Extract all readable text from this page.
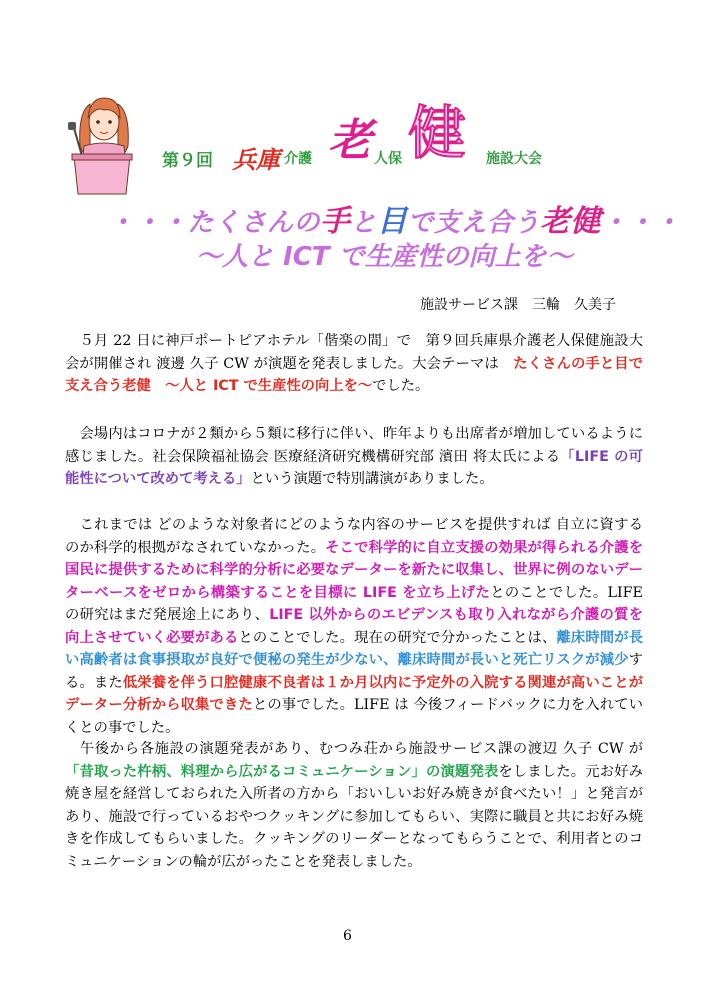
第９回 兵庫 介護 老 人保 健 施設大会
・・・たくさんの手と目で支え合う老健・・・
～人と ICT で生産性の向上を～
施設サービス課　三輪　久美子
５月 22 日に神戸ポートピアホテル「偕楽の間」で　第９回兵庫県介護老人保健施設大会が開催され 渡邊 久子 CW が演題を発表しました。大会テーマは　たくさんの手と目で支え合う老健　～人と ICT で生産性の向上を～でした。
会場内はコロナが２類から５類に移行に伴い、昨年よりも出席者が増加しているように感じました。社会保険福祉協会 医療経済研究機構研究部 濱田 将太氏による「LIFE の可能性について改めて考える」という演題で特別講演がありました。
これまでは どのような対象者にどのような内容のサービスを提供すれば 自立に資するのか科学的根拠がなされていなかった。そこで科学的に自立支援の効果が得られる介護を国民に提供するために科学的分析に必要なデーターを新たに収集し、世界に例のないデーターベースをゼロから構築することを目標に LIFE を立ち上げたとのことでした。LIFE の研究はまだ発展途上にあり、LIFE 以外からのエビデンスも取り入れながら介護の質を向上させていく必要があるとのことでした。現在の研究で分かったことは、離床時間が長い高齢者は食事摂取が良好で便秘の発生が少ない、離床時間が長いと死亡リスクが減少する。また低栄養を伴う口腔健康不良者は１か月以内に予定外の入院する関連が高いことがデーター分析から収集できたとの事でした。LIFE は 今後フィードバックに力を入れていくとの事でした。
午後から各施設の演題発表があり、むつみ荘から施設サービス課の渡辺 久子 CW が「昔取った杵柄、料理から広がるコミュニケーション」の演題発表をしました。元お好み焼き屋を経営しておられた入所者の方から「おいしいお好み焼きが食べたい！」と発言があり、施設で行っているおやつクッキングに参加してもらい、実際に職員と共にお好み焼きを作成してもらいました。クッキングのリーダーとなってもらうことで、利用者とのコミュニケーションの輪が広がったことを発表しました。
6
